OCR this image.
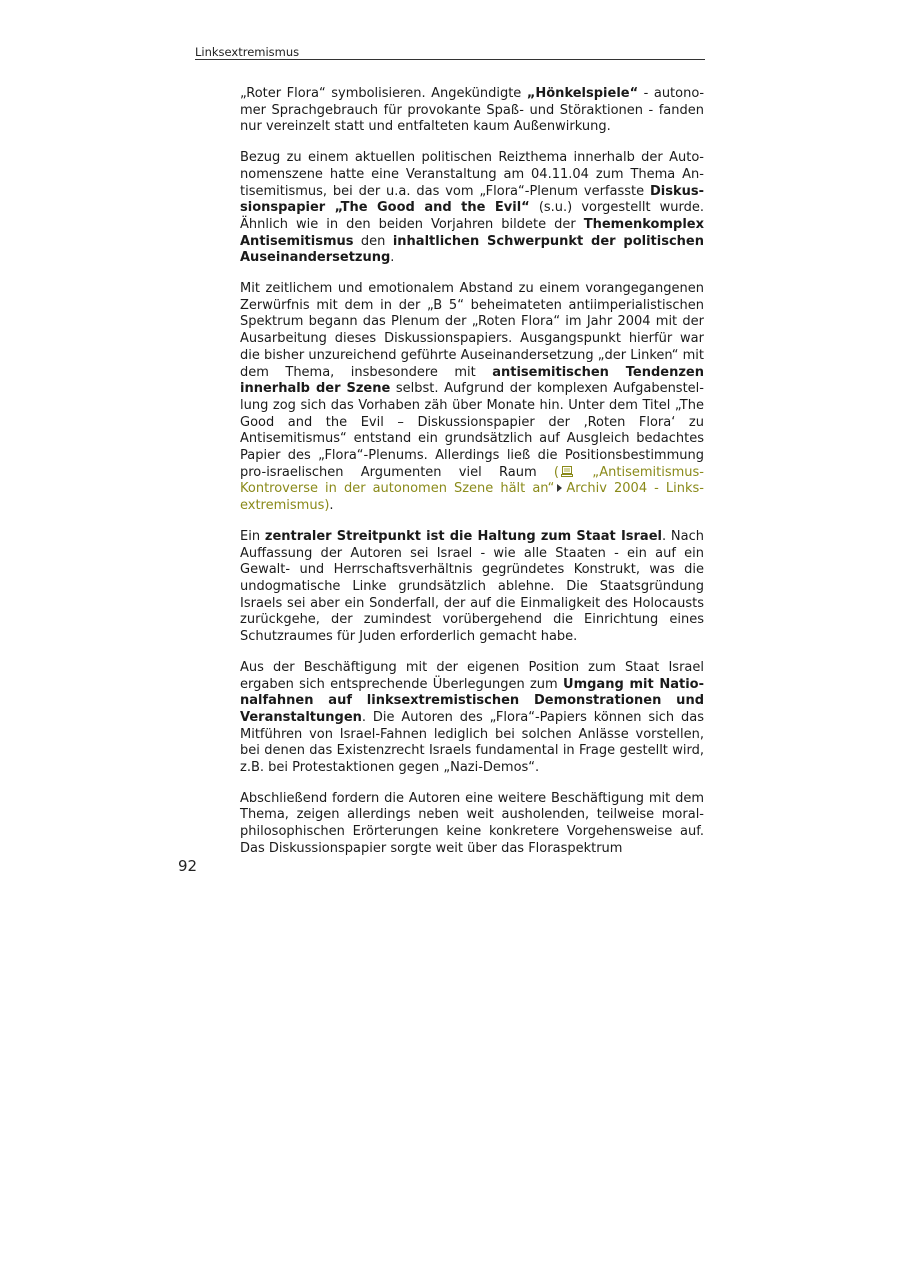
Linksextremismus

„Roter Flora“ symbolisieren. Angekündigte „Hönkelspiele“ - autonomer Sprachgebrauch für provokante Spaß- und Störaktionen - fanden nur vereinzelt statt und entfalteten kaum Außenwirkung.

Bezug zu einem aktuellen politischen Reizthema innerhalb der Autonomenszene hatte eine Veranstaltung am 04.11.04 zum Thema Antisemitismus, bei der u.a. das vom „Flora“-Plenum verfasste Diskussionspapier „The Good and the Evil“ (s.u.) vorgestellt wurde. Ähnlich wie in den beiden Vorjahren bildete der Themenkomplex Antisemitismus den inhaltlichen Schwerpunkt der politischen Auseinandersetzung.

Mit zeitlichem und emotionalem Abstand zu einem vorangegangenen Zerwürfnis mit dem in der „B 5“ beheimateten antiimperialistischen Spektrum begann das Plenum der „Roten Flora“ im Jahr 2004 mit der Ausarbeitung dieses Diskussionspapiers. Ausgangspunkt hierfür war die bisher unzureichend geführte Auseinandersetzung „der Linken“ mit dem Thema, insbesondere mit antisemitischen Tendenzen innerhalb der Szene selbst. Aufgrund der komplexen Aufgabenstellung zog sich das Vorhaben zäh über Monate hin. Unter dem Titel „The Good and the Evil – Diskussionspapier der ‚Roten Flora‘ zu Antisemitismus“ entstand ein grundsätzlich auf Ausgleich bedachtes Papier des „Flora“-Plenums. Allerdings ließ die Positionsbestimmung pro-israelischen Argumenten viel Raum ( „Antisemitismus-Kontroverse in der autonomen Szene hält an“ Archiv 2004 - Linksextremismus).

Ein zentraler Streitpunkt ist die Haltung zum Staat Israel. Nach Auffassung der Autoren sei Israel - wie alle Staaten - ein auf ein Gewalt- und Herrschaftsverhältnis gegründetes Konstrukt, was die undogmatische Linke grundsätzlich ablehne. Die Staatsgründung Israels sei aber ein Sonderfall, der auf die Einmaligkeit des Holocausts zurückgehe, der zumindest vorübergehend die Einrichtung eines Schutzraumes für Juden erforderlich gemacht habe.

Aus der Beschäftigung mit der eigenen Position zum Staat Israel ergaben sich entsprechende Überlegungen zum Umgang mit Nationalfahnen auf linksextremistischen Demonstrationen und Veranstaltungen. Die Autoren des „Flora“-Papiers können sich das Mitführen von Israel-Fahnen lediglich bei solchen Anlässe vorstellen, bei denen das Existenzrecht Israels fundamental in Frage gestellt wird, z.B. bei Protestaktionen gegen „Nazi-Demos“.

Abschließend fordern die Autoren eine weitere Beschäftigung mit dem Thema, zeigen allerdings neben weit ausholenden, teilweise moral-philosophischen Erörterungen keine konkretere Vorgehensweise auf. Das Diskussionspapier sorgte weit über das Floraspektrum

92
